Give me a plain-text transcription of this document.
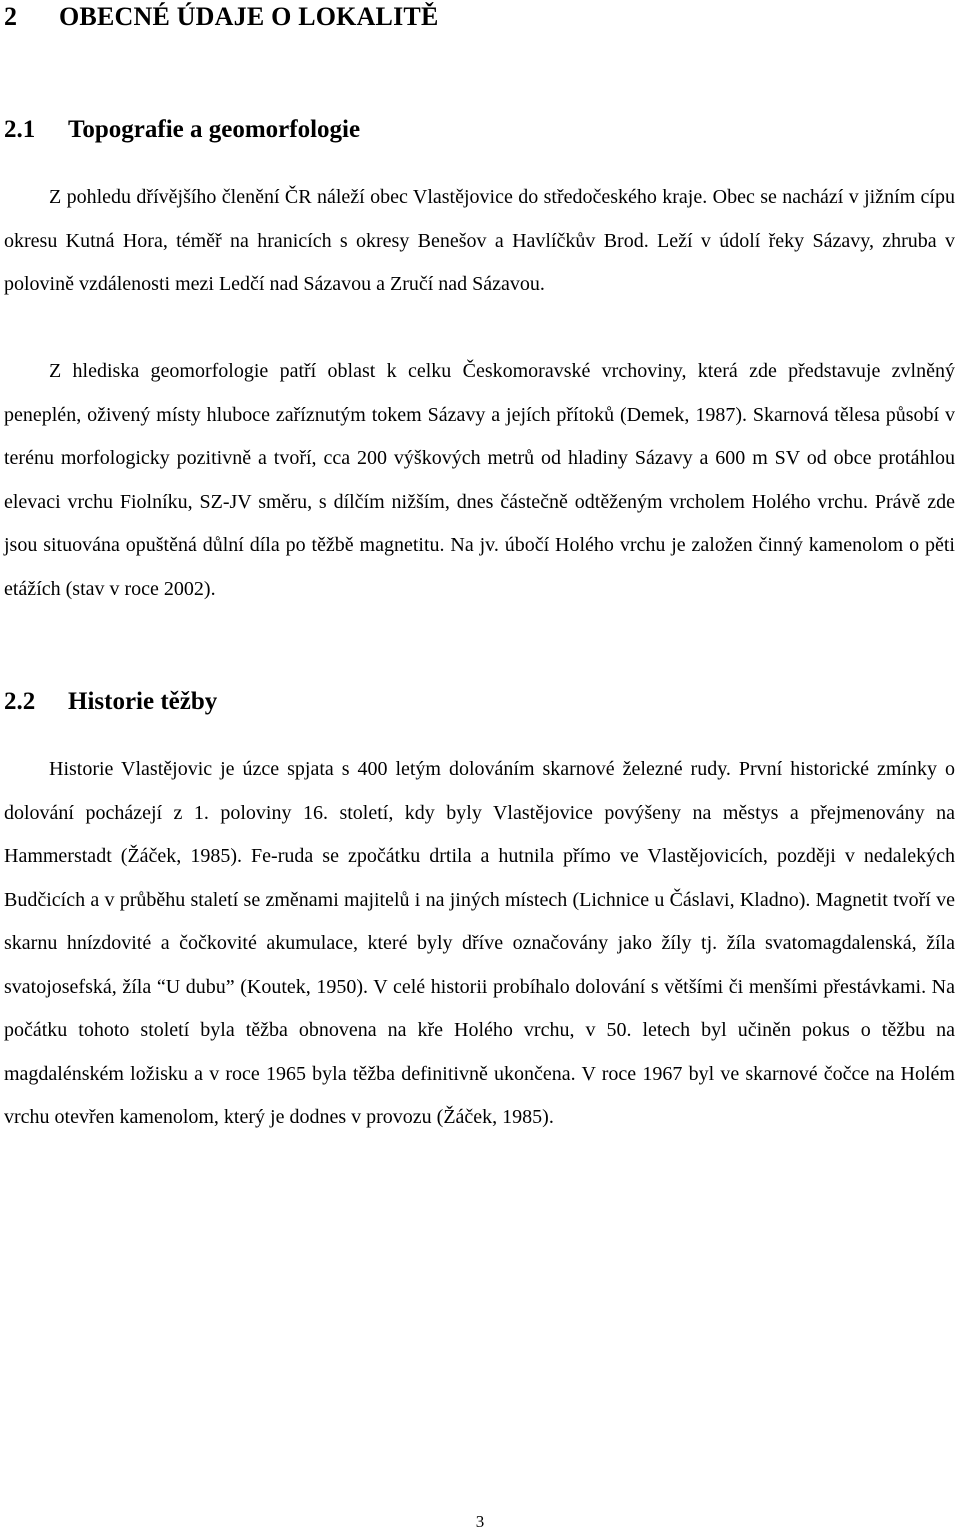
2 OBECNÉ ÚDAJE O LOKALITĚ
2.1 Topografie a geomorfologie

Z pohledu dřívějšího členění ČR náleží obec Vlastějovice do středočeského kraje. Obec se nachází v jižním cípu okresu Kutná Hora, téměř na hranicích s okresy Benešov a Havlíčkův Brod. Leží v údolí řeky Sázavy, zhruba v polovině vzdálenosti mezi Ledčí nad Sázavou a Zručí nad Sázavou.

Z hlediska geomorfologie patří oblast k celku Českomoravské vrchoviny, která zde představuje zvlněný peneplén, oživený místy hluboce zaříznutým tokem Sázavy a jejích přítoků (Demek, 1987). Skarnová tělesa působí v terénu morfologicky pozitivně a tvoří, cca 200 výškových metrů od hladiny Sázavy a 600 m SV od obce protáhlou elevaci vrchu Fiolníku, SZ-JV směru, s dílčím nižším, dnes částečně odtěženým vrcholem Holého vrchu. Právě zde jsou situována opuštěná důlní díla po těžbě magnetitu. Na jv. úbočí Holého vrchu je založen činný kamenolom o pěti etážích (stav v roce 2002).

2.2 Historie těžby

Historie Vlastějovic je úzce spjata s 400 letým dolováním skarnové železné rudy. První historické zmínky o dolování pocházejí z 1. poloviny 16. století, kdy byly Vlastějovice povýšeny na městys a přejmenovány na Hammerstadt (Žáček, 1985). Fe-ruda se zpočátku drtila a hutnila přímo ve Vlastějovicích, později v nedalekých Budčicích a v průběhu staletí se změnami majitelů i na jiných místech (Lichnice u Čáslavi, Kladno). Magnetit tvoří ve skarnu hnízdovité a čočkovité akumulace, které byly dříve označovány jako žíly tj. žíla svatomagdalenská, žíla svatojosefská, žíla “U dubu” (Koutek, 1950). V celé historii probíhalo dolování s většími či menšími přestávkami. Na počátku tohoto století byla těžba obnovena na kře Holého vrchu, v 50. letech byl učiněn pokus o těžbu na magdalénském ložisku a v roce 1965 byla těžba definitivně ukončena. V roce 1967 byl ve skarnové čočce na Holém vrchu otevřen kamenolom, který je dodnes v provozu (Žáček, 1985).

3
